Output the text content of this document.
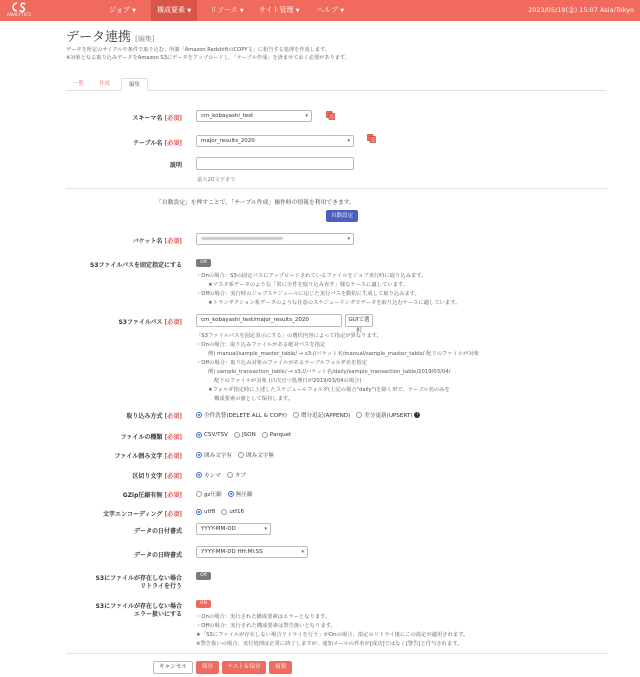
ANALYTICS
ジョブ ▼	構成要素 ▼	リソース ▼	サイト管理 ▼	ヘルプ ▼	2023/05/19(金) 15:07 Asia/Tokyo
データ連携 [編集]
データを所定のサイクルや条件で取り込む。所謂「Amazon RedshiftのCOPY文」に相当する処理を作成します。
※対象となる取り込みデータをAmazon S3にデータをアップロードし、「テーブル作成」を済ませておく必要があります。
一覧	作成	編集
スキーマ名 [必須]	cm_kobayashi_test	▾
テーブル名 [必須]	major_results_2020	▾
説明
最大20文字まで
「自動設定」を押すことで、「テーブル作成」操作時の情報を利用できます。
自動設定
バケット名 [必須]	▾
S3ファイルパスを固定指定にする	Off
・Onの場合：S3の固定パスにアップロードされているファイルをジョブ実行時に取り込みます。
★マスタ系データのような「常に全件を取り込み直す」様なケースに適しています。
・Offの場合：実行時のジョブスケジュールに応じた実行パスを動的に生成して取り込みます。
★トランザクション系データのような任意のスケジューリングでデータを取り込むケースに適しています。
S3ファイルパス [必須]	cm_kobayashi_test/major_results_2020	GUIで選択
「S3ファイルパスを固定表示にする」の選択内容によって指定が異なります。
・Onの場合：取り込みファイルがある絶対パスを指定
例) manual/sample_master_table/ → s3://バケット名/manual/sample_master_table/ 配下のファイルが対象
・Offの場合：取り込み対象のファイルがあるテーブルフォルダ名を指定
例) sample_transaction_table/ → s3://バケット名/daily/sample_transaction_table/2019/03/04/
配下のファイルが対象 (日次且つ処理日が2019/03/04の場合)
★フォルダ指定時に上述したスケジュールフォルダ(上記の場合"daily")を除く形で、テーブル名のみを
構成要素の値として保持します。
取り込み方式 [必須]	全件洗替(DELETE ALL & COPY)	増分追記(APPEND)	差分更新(UPSERT) i
ファイルの種類 [必須]	CSV/TSV	JSON	Parquet
ファイル囲み文字 [必須]	囲み文字有	囲み文字無
区切り文字 [必須]	カンマ	タブ
GZip圧縮有無 [必須]	gz圧縮	無圧縮
文字エンコーディング [必須]	utf8	utf16
データの日付書式	YYYY-MM-DD	▾
データの日時書式	YYYY-MM-DD HH:MI:SS	▾
S3にファイルが存在しない場合
リトライを行う
Off
S3にファイルが存在しない場合
エラー扱いにする
ON
・Onの場合：実行された構成要素はエラーとなります。
・Offの場合：実行された構成要素は警告扱いとなります。
★「S3にファイルが存在しない場合リトライを行う」がOnの場合、指定のリトライ後にこの設定が適用されます。
※警告扱いの場合、実行処理は正常に終了しますが、通知メールの件名が[成功]ではなく[警告]と付与されます。
キャンセル	保存	テスト＆保存	複製
